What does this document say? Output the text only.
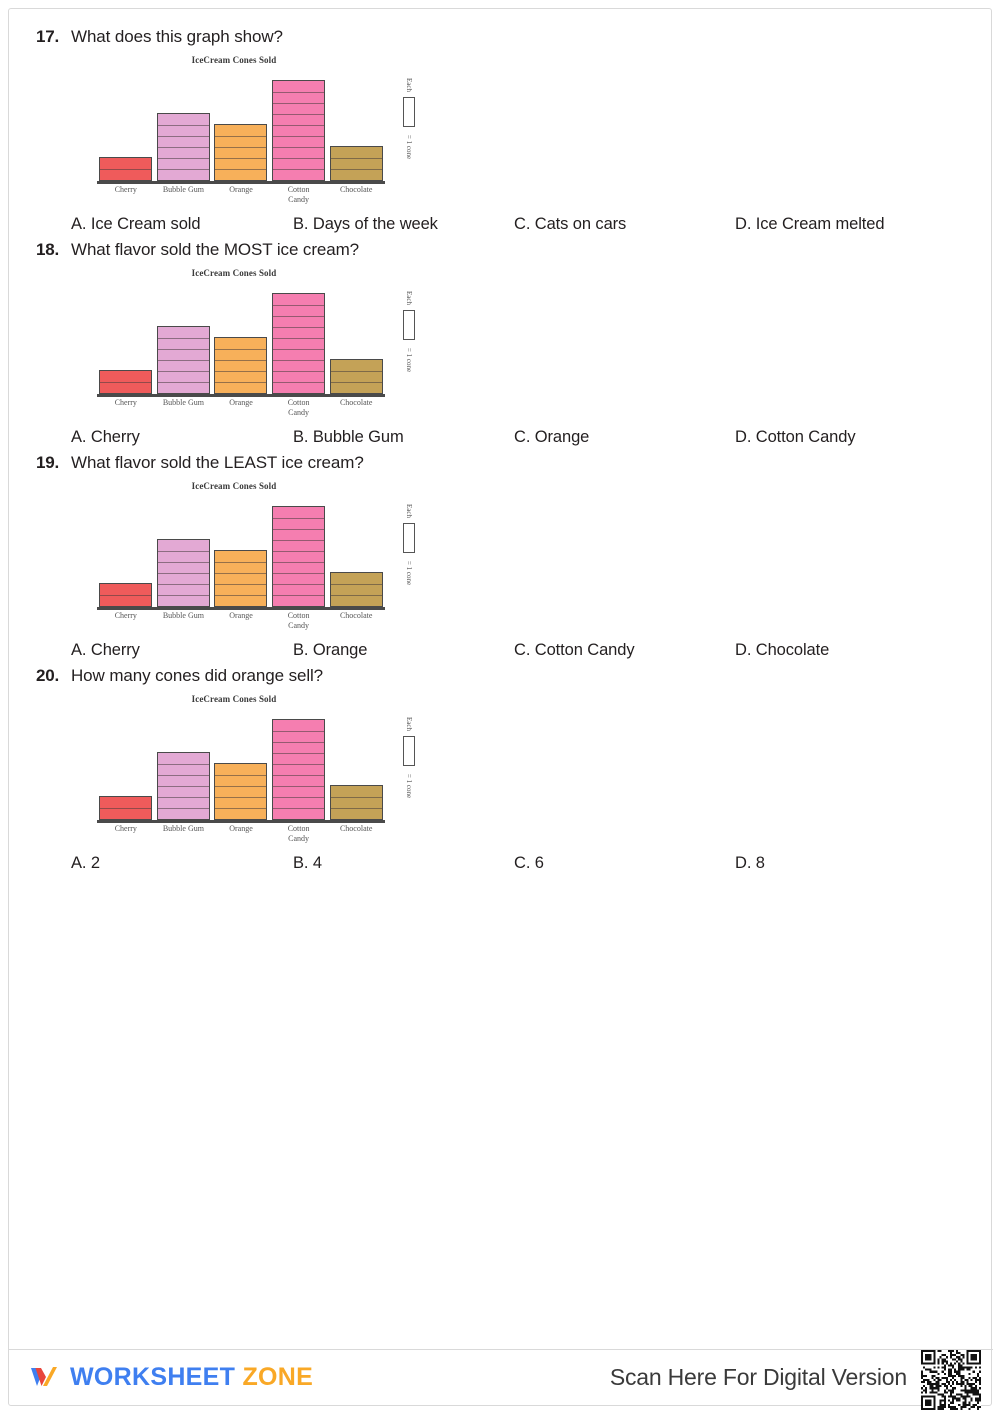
17. What does this graph show?
IceCream Cones Sold
Cherry	Bubble Gum	Orange	Cotton
Candy
Chocolate
Each
= 1 cone
A. Ice Cream sold	B. Days of the week	C. Cats on cars	D. Ice Cream melted
18. What flavor sold the MOST ice cream?
IceCream Cones Sold
Cherry	Bubble Gum	Orange	Cotton
Candy
Chocolate
Each
= 1 cone
A. Cherry	B. Bubble Gum	C. Orange	D. Cotton Candy
19. What flavor sold the LEAST ice cream?
IceCream Cones Sold
Cherry	Bubble Gum	Orange	Cotton
Candy
Chocolate
Each
= 1 cone
A. Cherry	B. Orange	C. Cotton Candy	D. Chocolate
20. How many cones did orange sell?
IceCream Cones Sold
Cherry	Bubble Gum	Orange	Cotton
Candy
Chocolate
Each
= 1 cone
A. 2	B. 4	C. 6	D. 8
WORKSHEET ZONE	Scan Here For Digital Version
